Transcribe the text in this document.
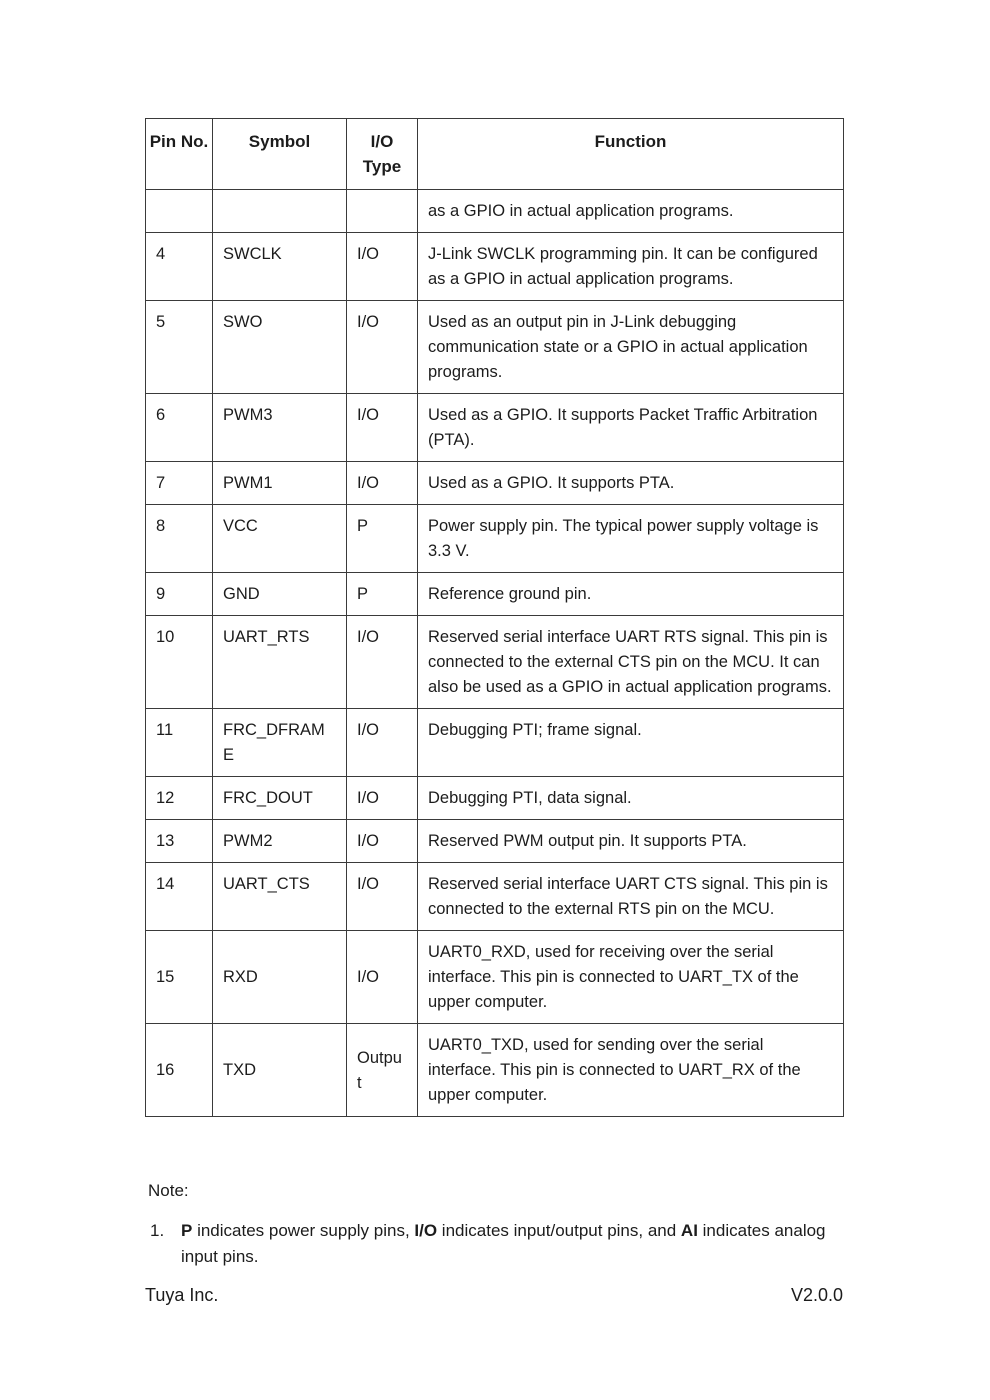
Pin No.	Symbol	I/O Type	Function
			as a GPIO in actual application programs.
4	SWCLK	I/O	J-Link SWCLK programming pin. It can be configured as a GPIO in actual application programs.
5	SWO	I/O	Used as an output pin in J-Link debugging communication state or a GPIO in actual application programs.
6	PWM3	I/O	Used as a GPIO. It supports Packet Traffic Arbitration (PTA).
7	PWM1	I/O	Used as a GPIO. It supports PTA.
8	VCC	P	Power supply pin. The typical power supply voltage is 3.3 V.
9	GND	P	Reference ground pin.
10	UART_RTS	I/O	Reserved serial interface UART RTS signal. This pin is connected to the external CTS pin on the MCU. It can also be used as a GPIO in actual application programs.
11	FRC_DFRAME	I/O	Debugging PTI; frame signal.
12	FRC_DOUT	I/O	Debugging PTI, data signal.
13	PWM2	I/O	Reserved PWM output pin. It supports PTA.
14	UART_CTS	I/O	Reserved serial interface UART CTS signal. This pin is connected to the external RTS pin on the MCU.
15	RXD	I/O	UART0_RXD, used for receiving over the serial interface. This pin is connected to UART_TX of the upper computer.
16	TXD	Output	UART0_TXD, used for sending over the serial interface. This pin is connected to UART_RX of the upper computer.
Note:
1. P indicates power supply pins, I/O indicates input/output pins, and AI indicates analog input pins.

Tuya Inc.	V2.0.0
